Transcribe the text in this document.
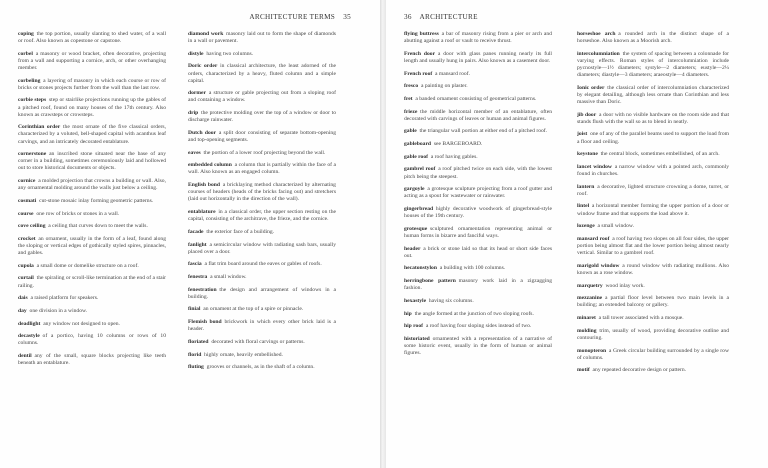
ARCHITECTURE TERMS 35

coping  the top portion, usually slanting to shed water, of a wall or roof. Also known as copestone or capstone.

corbel  a masonry or wood bracket, often decorative, projecting from a wall and supporting a cornice, arch, or other overhanging member.

corbeling  a layering of masonry in which each course or row of bricks or stones projects further from the wall than the last row.

corbie steps  step or stairlike projections running up the gables of a pitched roof, found on many houses of the 17th century. Also known as crawsteps or crowsteps.

Corinthian order  the most ornate of the five classical orders, characterized by a voluted, bell-shaped capital with acanthus leaf carvings, and an intricately decorated entablature.

cornerstone  an inscribed stone situated near the base of any corner in a building, sometimes ceremoniously laid and hollowed out to store historical documents or objects.

cornice  a molded projection that crowns a building or wall. Also, any ornamental molding around the walls just below a ceiling.

cosmati  cut-stone mosaic inlay forming geometric patterns.

course  one row of bricks or stones in a wall.

cove ceiling  a ceiling that curves down to meet the walls.

crocket  an ornament, usually in the form of a leaf, found along the sloping or vertical edges of gothically styled spires, pinnacles, and gables.

cupola  a small dome or domelike structure on a roof.

curtail  the spiraling or scroll-like termination at the end of a stair railing.

dais  a raised platform for speakers.

day  one division in a window.

deadlight  any window not designed to open.

decastyle  of a portico, having 10 columns or rows of 10 columns.

dentil  any of the small, square blocks projecting like teeth beneath an entablature.

diamond work  masonry laid out to form the shape of diamonds in a wall or pavement.

distyle  having two columns.

Doric order  in classical architecture, the least adorned of the orders, characterized by a heavy, fluted column and a simple capital.

dormer  a structure or gable projecting out from a sloping roof and containing a window.

drip  the protective molding over the top of a window or door to discharge rainwater.

Dutch door  a split door consisting of separate bottom-opening and top-opening segments.

eaves  the portion of a lower roof projecting beyond the wall.

embedded column  a column that is partially within the face of a wall. Also known as an engaged column.

English bond  a bricklaying method characterized by alternating courses of headers (heads of the bricks facing out) and stretchers (laid out horizontally in the direction of the wall).

entablature  in a classical order, the upper section resting on the capital, consisting of the architrave, the frieze, and the cornice.

facade  the exterior face of a building.

fanlight  a semicircular window with radiating sash bars, usually placed over a door.

fascia  a flat trim board around the eaves or gables of roofs.

fenestra  a small window.

fenestration  the design and arrangement of windows in a building.

finial  an ornament at the top of a spire or pinnacle.

Flemish bond  brickwork in which every other brick laid is a header.

floriated  decorated with floral carvings or patterns.

florid  highly ornate, heavily embellished.

fluting  grooves or channels, as in the shaft of a column.

36 ARCHITECTURE

flying buttress  a bar of masonry rising from a pier or arch and abutting against a roof or vault to receive thrust.

French door  a door with glass panes running nearly its full length and usually hung in pairs. Also known as a casement door.

French roof  a mansard roof.

fresco  a painting on plaster.

fret  a banded ornament consisting of geometrical patterns.

frieze  the middle horizontal member of an entablature, often decorated with carvings of leaves or human and animal figures.

gable  the triangular wall portion at either end of a pitched roof.

gableboard  see BARGEBOARD.

gable roof  a roof having gables.

gambrel roof  a roof pitched twice on each side, with the lowest pitch being the steepest.

gargoyle  a grotesque sculpture projecting from a roof gutter and acting as a spout for wastewater or rainwater.

gingerbread  highly decorative woodwork of gingerbread-style houses of the 19th century.

grotesque  sculptured ornamentation representing animal or human forms in bizarre and fanciful ways.

header  a brick or stone laid so that its head or short side faces out.

hecatonstylon  a building with 100 columns.

herringbone pattern  masonry work laid in a zigzagging fashion.

hexastyle  having six columns.

hip  the angle formed at the junction of two sloping roofs.

hip roof  a roof having four sloping sides instead of two.

historiated  ornamented with a representation of a narrative of some historic event, usually in the form of human or animal figures.

horseshoe arch  a rounded arch in the distinct shape of a horseshoe. Also known as a Moorish arch.

intercolumniation  the system of spacing between a colonnade for varying effects. Roman styles of intercolumniation include pycnostyle—1½ diameters; systyle—2 diameters; eustyle—2¼ diameters; diastyle—3 diameters; araeostyle—4 diameters.

Ionic order  the classical order of intercolumniation characterized by elegant detailing, although less ornate than Corinthian and less massive than Doric.

jib door  a door with no visible hardware on the room side and that stands flush with the wall so as to blend in neatly.

joist  one of any of the parallel beams used to support the load from a floor and ceiling.

keystone  the central block, sometimes embellished, of an arch.

lancet window  a narrow window with a pointed arch, commonly found in churches.

lantern  a decorative, lighted structure crowning a dome, turret, or roof.

lintel  a horizontal member forming the upper portion of a door or window frame and that supports the load above it.

lozenge  a small window.

mansard roof  a roof having two slopes on all four sides, the upper portion being almost flat and the lower portion being almost nearly vertical. Similar to a gambrel roof.

marigold window  a round window with radiating mullions. Also known as a rose window.

marquetry  wood inlay work.

mezzanine  a partial floor level between two main levels in a building; an extended balcony or gallery.

minaret  a tall tower associated with a mosque.

molding  trim, usually of wood, providing decorative outline and contouring.

monopteron  a Greek circular building surrounded by a single row of columns.

motif  any repeated decorative design or pattern.
